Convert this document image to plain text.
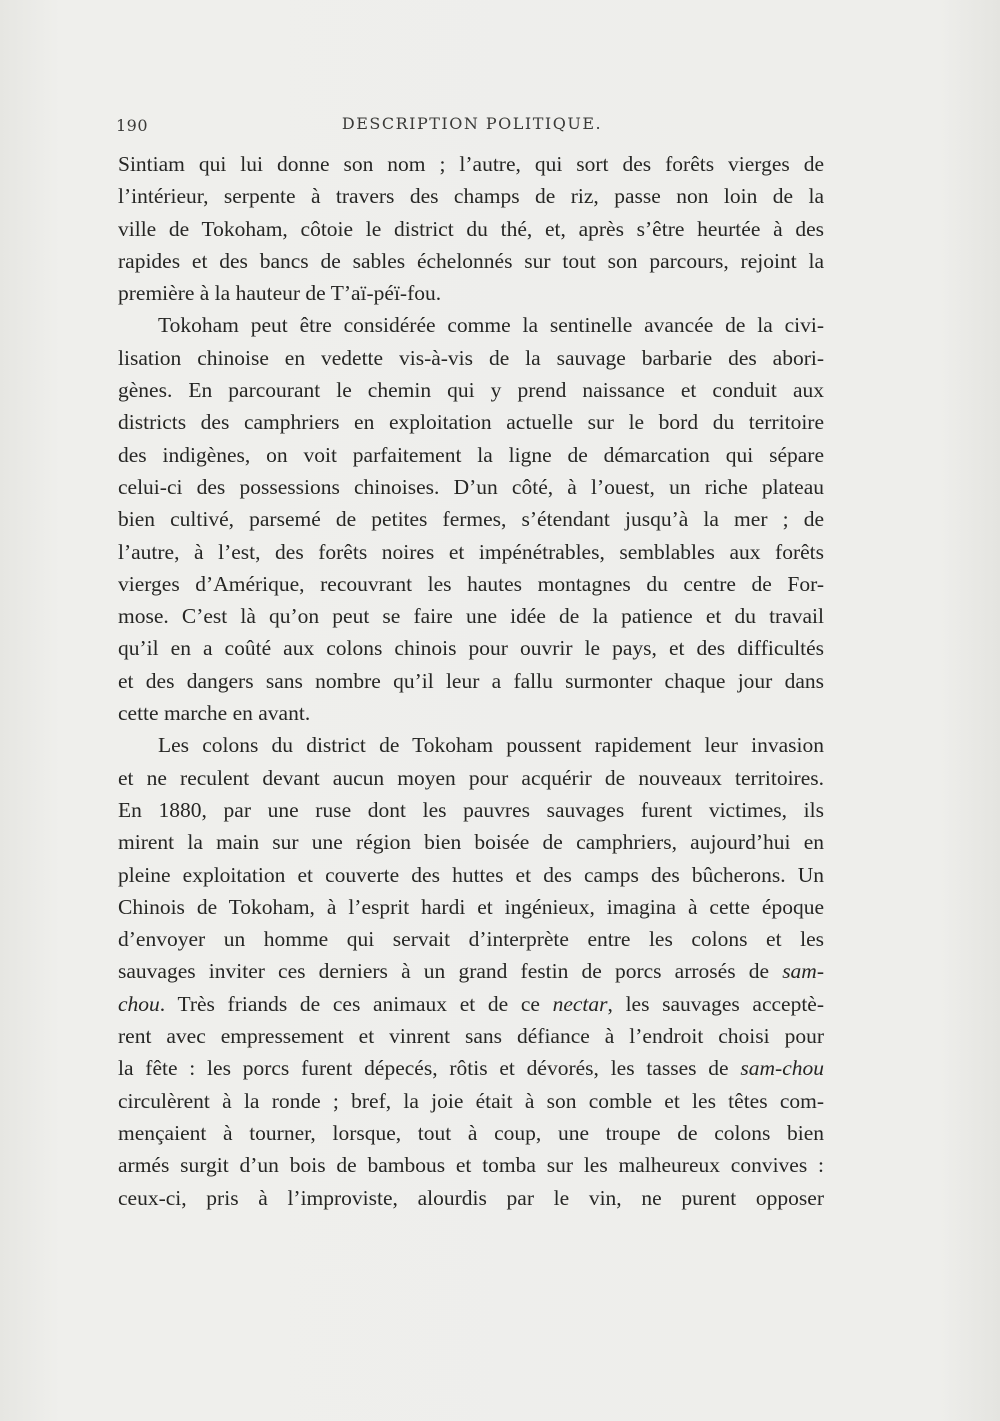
190	DESCRIPTION POLITIQUE.
Sintiam qui lui donne son nom ; l’autre, qui sort des forêts vierges de
l’intérieur, serpente à travers des champs de riz, passe non loin de la
ville de Tokoham, côtoie le district du thé, et, après s’être heurtée à des
rapides et des bancs de sables échelonnés sur tout son parcours, rejoint la
première à la hauteur de T’aï-péï-fou.
Tokoham peut être considérée comme la sentinelle avancée de la civi-
lisation chinoise en vedette vis-à-vis de la sauvage barbarie des abori-
gènes. En parcourant le chemin qui y prend naissance et conduit aux
districts des camphriers en exploitation actuelle sur le bord du territoire
des indigènes, on voit parfaitement la ligne de démarcation qui sépare
celui-ci des possessions chinoises. D’un côté, à l’ouest, un riche plateau
bien cultivé, parsemé de petites fermes, s’étendant jusqu’à la mer ; de
l’autre, à l’est, des forêts noires et impénétrables, semblables aux forêts
vierges d’Amérique, recouvrant les hautes montagnes du centre de For-
mose. C’est là qu’on peut se faire une idée de la patience et du travail
qu’il en a coûté aux colons chinois pour ouvrir le pays, et des difficultés
et des dangers sans nombre qu’il leur a fallu surmonter chaque jour dans
cette marche en avant.
Les colons du district de Tokoham poussent rapidement leur invasion
et ne reculent devant aucun moyen pour acquérir de nouveaux territoires.
En 1880, par une ruse dont les pauvres sauvages furent victimes, ils
mirent la main sur une région bien boisée de camphriers, aujourd’hui en
pleine exploitation et couverte des huttes et des camps des bûcherons. Un
Chinois de Tokoham, à l’esprit hardi et ingénieux, imagina à cette époque
d’envoyer un homme qui servait d’interprète entre les colons et les
sauvages inviter ces derniers à un grand festin de porcs arrosés de sam-
chou. Très friands de ces animaux et de ce nectar, les sauvages acceptè-
rent avec empressement et vinrent sans défiance à l’endroit choisi pour
la fête : les porcs furent dépecés, rôtis et dévorés, les tasses de sam-chou
circulèrent à la ronde ; bref, la joie était à son comble et les têtes com-
mençaient à tourner, lorsque, tout à coup, une troupe de colons bien
armés surgit d’un bois de bambous et tomba sur les malheureux convives :
ceux-ci, pris à l’improviste, alourdis par le vin, ne purent opposer
